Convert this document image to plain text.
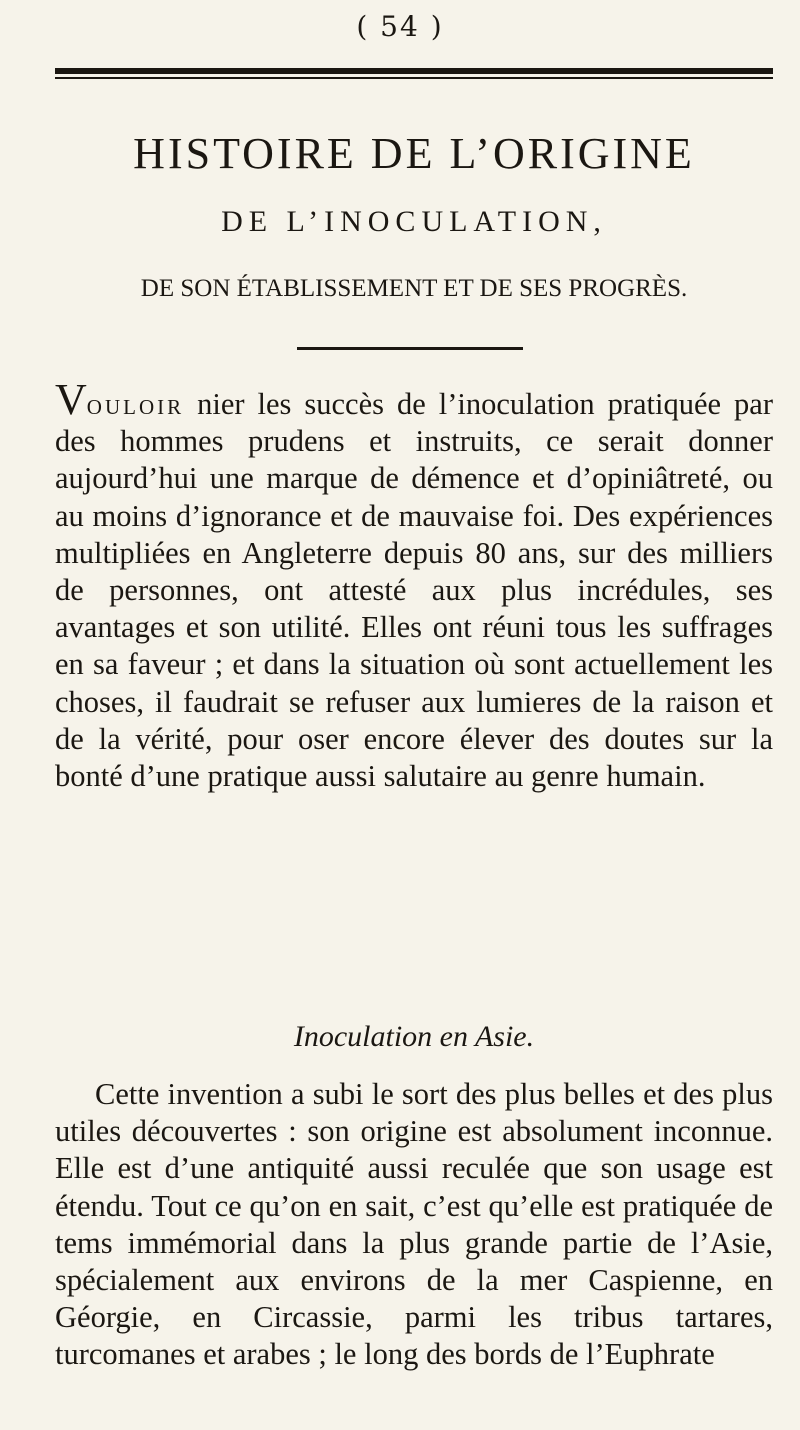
( 54 )
HISTOIRE DE L’ORIGINE
DE L’INOCULATION,
DE SON ÉTABLISSEMENT ET DE SES PROGRÈS.

Vouloir nier les succès de l’inoculation pratiquée par des hommes prudens et instruits, ce serait donner aujourd’hui une marque de démence et d’opiniâtreté, ou au moins d’ignorance et de mauvaise foi. Des expériences multipliées en Angleterre depuis 80 ans, sur des milliers de personnes, ont attesté aux plus incrédules, ses avantages et son utilité. Elles ont réuni tous les suffrages en sa faveur ; et dans la situation où sont actuellement les choses, il faudrait se refuser aux lumieres de la raison et de la vérité, pour oser encore élever des doutes sur la bonté d’une pratique aussi salutaire au genre humain.

Inoculation en Asie.

Cette invention a subi le sort des plus belles et des plus utiles découvertes : son origine est absolument inconnue. Elle est d’une antiquité aussi reculée que son usage est étendu. Tout ce qu’on en sait, c’est qu’elle est pratiquée de tems immémorial dans la plus grande partie de l’Asie, spécialement aux environs de la mer Caspienne, en Géorgie, en Circassie, parmi les tribus tartares, turcomanes et arabes ; le long des bords de l’Euphrate
